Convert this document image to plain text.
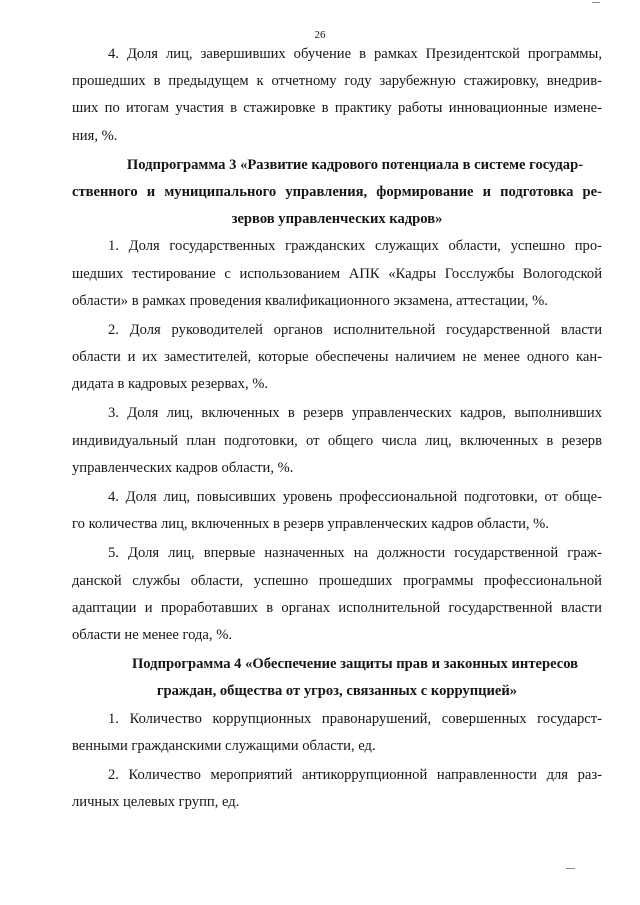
26
4. Доля лиц, завершивших обучение в рамках Президентской программы,
прошедших в предыдущем к отчетному году зарубежную стажировку, внедрив-
ших по итогам участия в стажировке в практику работы инновационные измене-
ния, %.
Подпрограмма 3 «Развитие кадрового потенциала в системе государ-
ственного и муниципального управления, формирование и подготовка ре-
зервов управленческих кадров»
1. Доля государственных гражданских служащих области, успешно про-
шедших тестирование с использованием АПК «Кадры Госслужбы Вологодской
области» в рамках проведения квалификационного экзамена, аттестации, %.
2. Доля руководителей органов исполнительной государственной власти
области и их заместителей, которые обеспечены наличием не менее одного кан-
дидата в кадровых резервах, %.
3. Доля лиц, включенных в резерв управленческих кадров, выполнивших
индивидуальный план подготовки, от общего числа лиц, включенных в резерв
управленческих кадров области, %.
4. Доля лиц, повысивших уровень профессиональной подготовки, от обще-
го количества лиц, включенных в резерв управленческих кадров области, %.
5. Доля лиц, впервые назначенных на должности государственной граж-
данской службы области, успешно прошедших программы профессиональной
адаптации и проработавших в органах исполнительной государственной власти
области не менее года, %.
Подпрограмма 4 «Обеспечение защиты прав и законных интересов
граждан, общества от угроз, связанных с коррупцией»
1. Количество коррупционных правонарушений, совершенных государст-
венными гражданскими служащими области, ед.
2. Количество мероприятий антикоррупционной направленности для раз-
личных целевых групп, ед.
